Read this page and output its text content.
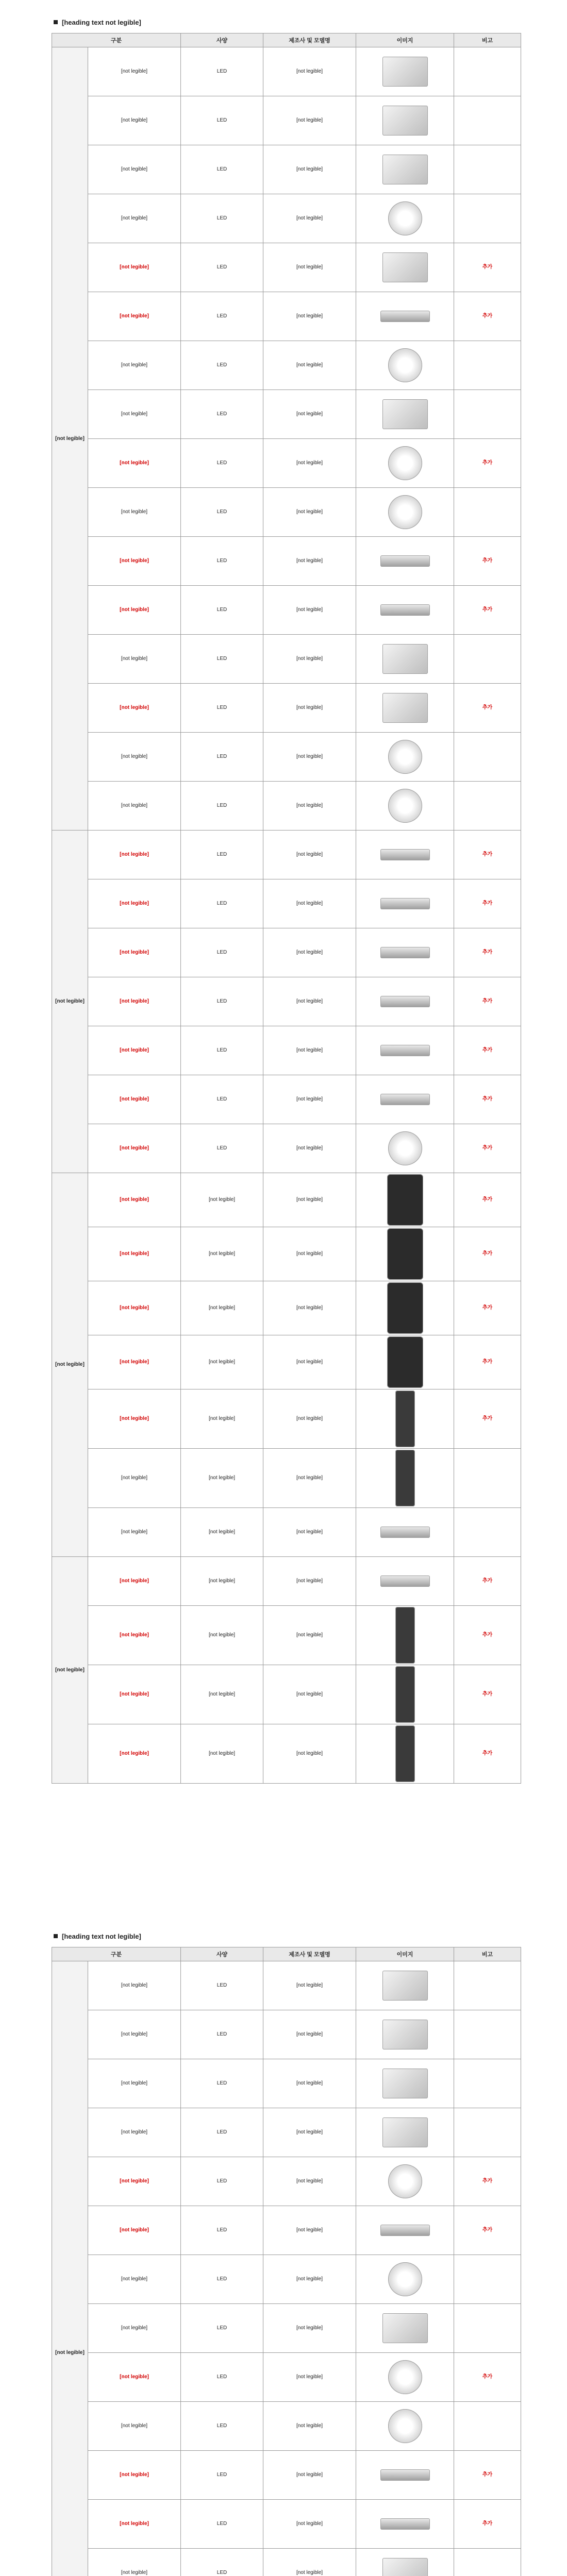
[heading text not legible]
구분		사양	제조사 및 모델명	이미지	비고
[not legible]	[not legible]	LED	[not legible]	

	[not legible]	LED	[not legible]	

	[not legible]	LED	[not legible]	

	[not legible]	LED	[not legible]	

	[not legible]	LED	[not legible]		추가
	[not legible]	LED	[not legible]		추가
	[not legible]	LED	[not legible]	

	[not legible]	LED	[not legible]	

	[not legible]	LED	[not legible]		추가
	[not legible]	LED	[not legible]	

	[not legible]	LED	[not legible]		추가
	[not legible]	LED	[not legible]		추가
	[not legible]	LED	[not legible]	

	[not legible]	LED	[not legible]		추가
	[not legible]	LED	[not legible]	

	[not legible]	LED	[not legible]	

[not legible]	[not legible]	LED	[not legible]		추가
	[not legible]	LED	[not legible]		추가
	[not legible]	LED	[not legible]		추가
	[not legible]	LED	[not legible]		추가
	[not legible]	LED	[not legible]		추가
	[not legible]	LED	[not legible]		추가
	[not legible]	LED	[not legible]		추가
[not legible]	[not legible]	[not legible]	[not legible]		추가
	[not legible]	[not legible]	[not legible]		추가
	[not legible]	[not legible]	[not legible]		추가
	[not legible]	[not legible]	[not legible]		추가
	[not legible]	[not legible]	[not legible]		추가
	[not legible]	[not legible]	[not legible]	

	[not legible]	[not legible]	[not legible]	

[not legible]	[not legible]	[not legible]	[not legible]		추가
	[not legible]	[not legible]	[not legible]		추가
	[not legible]	[not legible]	[not legible]		추가
	[not legible]	[not legible]	[not legible]		추가
[heading text not legible]
구분		사양	제조사 및 모델명	이미지	비고
[not legible]	[not legible]	LED	[not legible]	

	[not legible]	LED	[not legible]	

	[not legible]	LED	[not legible]	

	[not legible]	LED	[not legible]	

	[not legible]	LED	[not legible]		추가
	[not legible]	LED	[not legible]		추가
	[not legible]	LED	[not legible]	

	[not legible]	LED	[not legible]	

	[not legible]	LED	[not legible]		추가
	[not legible]	LED	[not legible]	

	[not legible]	LED	[not legible]		추가
	[not legible]	LED	[not legible]		추가
	[not legible]	LED	[not legible]	
